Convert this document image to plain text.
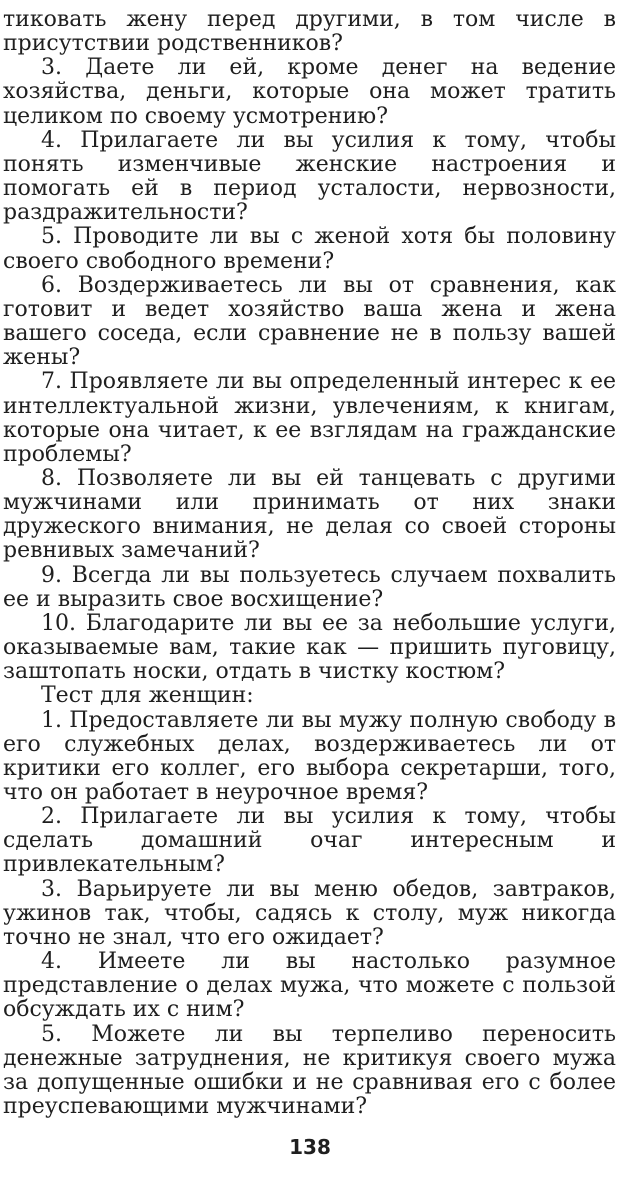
тиковать жену перед другими, в том числе в присутствии родственников?

3. Даете ли ей, кроме денег на ведение хозяйства, деньги, которые она может тратить целиком по своему усмотрению?

4. Прилагаете ли вы усилия к тому, чтобы понять изменчивые женские настроения и помогать ей в период усталости, нервозности, раздражительности?

5. Проводите ли вы с женой хотя бы половину своего свободного времени?

6. Воздерживаетесь ли вы от сравнения, как готовит и ведет хозяйство ваша жена и жена вашего соседа, если сравнение не в пользу вашей жены?

7. Проявляете ли вы определенный интерес к ее интеллектуальной жизни, увлечениям, к книгам, которые она читает, к ее взглядам на гражданские проблемы?

8. Позволяете ли вы ей танцевать с другими мужчинами или принимать от них знаки дружеского внимания, не делая со своей стороны ревнивых замечаний?

9. Всегда ли вы пользуетесь случаем похвалить ее и выразить свое восхищение?

10. Благодарите ли вы ее за небольшие услуги, оказываемые вам, такие как — пришить пуговицу, заштопать носки, отдать в чистку костюм?

Тест для женщин:

1. Предоставляете ли вы мужу полную свободу в его служебных делах, воздерживаетесь ли от критики его коллег, его выбора секретарши, того, что он работает в неурочное время?

2. Прилагаете ли вы усилия к тому, чтобы сделать домашний очаг интересным и привлекательным?

3. Варьируете ли вы меню обедов, завтраков, ужинов так, чтобы, садясь к столу, муж никогда точно не знал, что его ожидает?

4. Имеете ли вы настолько разумное представление о делах мужа, что можете с пользой обсуждать их с ним?

5. Можете ли вы терпеливо переносить денежные затруднения, не критикуя своего мужа за допущенные ошибки и не сравнивая его с более преуспевающими мужчинами?

138
